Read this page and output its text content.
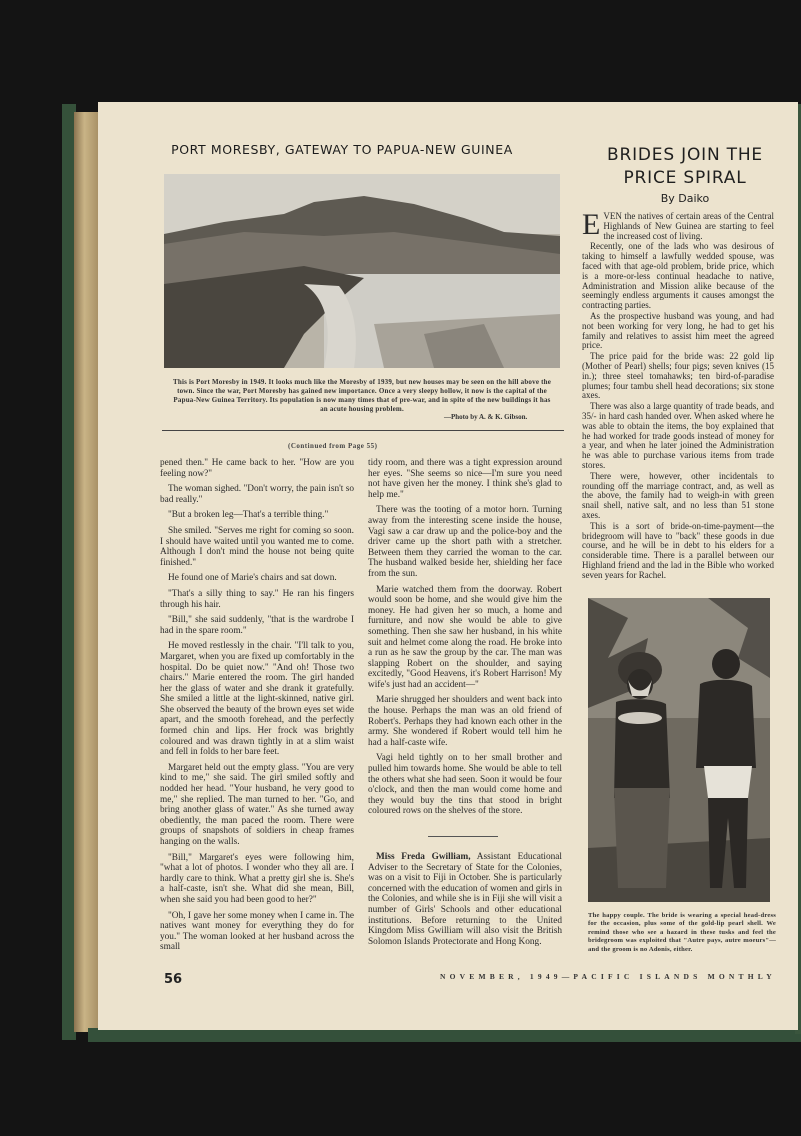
PORT MORESBY, GATEWAY TO PAPUA-NEW GUINEA
This is Port Moresby in 1949. It looks much like the Moresby of 1939, but new houses may be seen on the hill above the town. Since the war, Port Moresby has gained new importance. Once a very sleepy hollow, it now is the capital of the Papua-New Guinea Territory. Its population is now many times that of pre-war, and in spite of the new buildings it has an acute housing problem.
—Photo by A. & K. Gibson.
(Continued from Page 55)

pened then." He came back to her. "How are you feeling now?"

The woman sighed. "Don't worry, the pain isn't so bad really."

"But a broken leg—That's a terrible thing."

She smiled. "Serves me right for coming so soon. I should have waited until you wanted me to come. Although I don't mind the house not being quite finished."

He found one of Marie's chairs and sat down.

"That's a silly thing to say." He ran his fingers through his hair.

"Bill," she said suddenly, "that is the wardrobe I had in the spare room."

He moved restlessly in the chair. "I'll talk to you, Margaret, when you are fixed up comfortably in the hospital. Do be quiet now." "And oh! Those two chairs." Marie entered the room. The girl handed her the glass of water and she drank it gratefully. She smiled a little at the light-skinned, native girl. She observed the beauty of the brown eyes set wide apart, and the smooth forehead, and the perfectly formed chin and lips. Her frock was brightly coloured and was drawn tightly in at a slim waist and fell in folds to her bare feet.

Margaret held out the empty glass. "You are very kind to me," she said. The girl smiled softly and nodded her head. "Your husband, he very good to me," she replied. The man turned to her. "Go, and bring another glass of water." As she turned away obediently, the man paced the room. There were groups of snapshots of soldiers in cheap frames hanging on the walls.

"Bill," Margaret's eyes were following him, "what a lot of photos. I wonder who they all are. I hardly care to think. What a pretty girl she is. She's a half-caste, isn't she. What did she mean, Bill, when she said you had been good to her?"

"Oh, I gave her some money when I came in. The natives want money for everything they do for you." The woman looked at her husband across the small

tidy room, and there was a tight expression around her eyes. "She seems so nice—I'm sure you need not have given her the money. I think she's glad to help me."

There was the tooting of a motor horn. Turning away from the interesting scene inside the house, Vagi saw a car draw up and the police-boy and the driver came up the short path with a stretcher. Between them they carried the woman to the car. The husband walked beside her, shielding her face from the sun.

Marie watched them from the doorway. Robert would soon be home, and she would give him the money. He had given her so much, a home and furniture, and now she would be able to give something. Then she saw her husband, in his white suit and helmet come along the road. He broke into a run as he saw the group by the car. The man was slapping Robert on the shoulder, and saying excitedly, "Good Heavens, it's Robert Harrison! My wife's just had an accident—"

Marie shrugged her shoulders and went back into the house. Perhaps the man was an old friend of Robert's. Perhaps they had known each other in the army. She wondered if Robert would tell him he had a half-caste wife.

Vagi held tightly on to her small brother and pulled him towards home. She would be able to tell the others what she had seen. Soon it would be four o'clock, and then the man would come home and they would buy the tins that stood in bright coloured rows on the shelves of the store.

Miss Freda Gwilliam, Assistant Educational Adviser to the Secretary of State for the Colonies, was on a visit to Fiji in October. She is particularly concerned with the education of women and girls in the Colonies, and while she is in Fiji she will visit a number of Girls' Schools and other educational institutions. Before returning to the United Kingdom Miss Gwilliam will also visit the British Solomon Islands Protectorate and Hong Kong.

BRIDES JOIN THE
PRICE SPIRAL
By Daiko

EVEN the natives of certain areas of the Central Highlands of New Guinea are starting to feel the increased cost of living.

Recently, one of the lads who was desirous of taking to himself a lawfully wedded spouse, was faced with that age-old problem, bride price, which is a more-or-less continual headache to native, Administration and Mission alike because of the seemingly endless arguments it causes amongst the contracting parties.

As the prospective husband was young, and had not been working for very long, he had to get his family and relatives to assist him meet the agreed price.

The price paid for the bride was: 22 gold lip (Mother of Pearl) shells; four pigs; seven knives (15 in.); three steel tomahawks; ten bird-of-paradise plumes; four tambu shell head decorations; six stone axes.

There was also a large quantity of trade beads, and 35/- in hard cash handed over. When asked where he was able to obtain the items, the boy explained that he had worked for trade goods instead of money for a year, and when he later joined the Administration he was able to purchase various items from trade stores.

There were, however, other incidentals to rounding off the marriage contract, and, as well as the above, the family had to weigh-in with green snail shell, native salt, and no less than 51 stone axes.

This is a sort of bride-on-time-payment—the bridegroom will have to "back" these goods in due course, and he will be in debt to his elders for a considerable time. There is a parallel between our Highland friend and the lad in the Bible who worked seven years for Rachel.

The happy couple. The bride is wearing a special head-dress for the occasion, plus some of the gold-lip pearl shell. We remind those who see a hazard in these tusks and feel the bridegroom was exploited that "Autre pays, autre moeurs"—and the groom is no Adonis, either.
56	NOVEMBER, 1949—PACIFIC ISLANDS MONTHLY
